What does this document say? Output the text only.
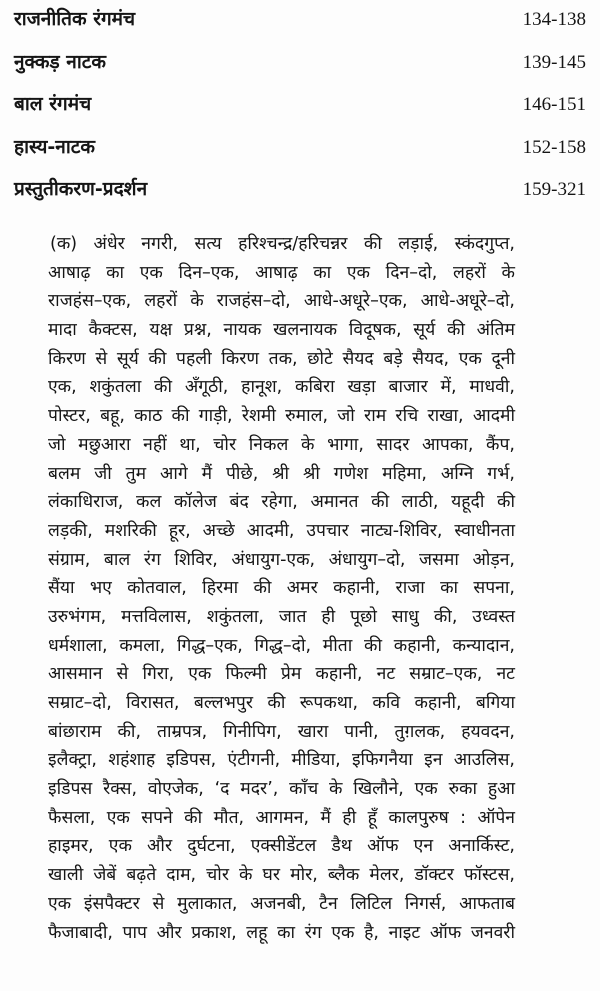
राजनीतिक रंगमंच	134-138
नुक्कड़ नाटक	139-145
बाल रंगमंच	146-151
हास्य-नाटक	152-158
प्रस्तुतीकरण-प्रदर्शन	159-321
(क) अंधेर नगरी, सत्य हरिश्चन्द्र/हरिचन्नर की लड़ाई, स्कंदगुप्त,
आषाढ़ का एक दिन–एक, आषाढ़ का एक दिन–दो, लहरों के
राजहंस–एक, लहरों के राजहंस–दो, आधे-अधूरे–एक, आधे-अधूरे–दो,
मादा कैक्टस, यक्ष प्रश्न, नायक खलनायक विदूषक, सूर्य की अंतिम
किरण से सूर्य की पहली किरण तक, छोटे सैयद बड़े सैयद, एक दूनी
एक, शकुंतला की अँगूठी, हानूश, कबिरा खड़ा बाजार में, माधवी,
पोस्टर, बहू, काठ की गाड़ी, रेशमी रुमाल, जो राम रचि राखा, आदमी
जो मछुआरा नहीं था, चोर निकल के भागा, सादर आपका, कैंप,
बलम जी तुम आगे मैं पीछे, श्री श्री गणेश महिमा, अग्नि गर्भ,
लंकाधिराज, कल कॉलेज बंद रहेगा, अमानत की लाठी, यहूदी की
लड़की, मशरिकी हूर, अच्छे आदमी, उपचार नाट्य-शिविर, स्वाधीनता
संग्राम, बाल रंग शिविर, अंधायुग-एक, अंधायुग–दो, जसमा ओड़न,
सैंया भए कोतवाल, हिरमा की अमर कहानी, राजा का सपना,
उरुभंगम, मत्तविलास, शकुंतला, जात ही पूछो साधु की, उध्वस्त
धर्मशाला, कमला, गिद्ध–एक, गिद्ध–दो, मीता की कहानी, कन्यादान,
आसमान से गिरा, एक फिल्मी प्रेम कहानी, नट सम्राट–एक, नट
सम्राट–दो, विरासत, बल्लभपुर की रूपकथा, कवि कहानी, बगिया
बांछाराम की, ताम्रपत्र, गिनीपिग, खारा पानी, तुग़लक, हयवदन,
इलैक्ट्रा, शहंशाह इडिपस, एंटीगनी, मीडिया, इफिगनैया इन आउलिस,
इडिपस रैक्स, वोएजेक, ‘द मदर’, काँच के खिलौने, एक रुका हुआ
फैसला, एक सपने की मौत, आगमन, मैं ही हूँ कालपुरुष : ऑपेन
हाइमर, एक और दुर्घटना, एक्सीडेंटल डैथ ऑफ एन अनार्किस्ट,
खाली जेबें बढ़ते दाम, चोर के घर मोर, ब्लैक मेलर, डॉक्टर फॉस्टस,
एक इंसपैक्टर से मुलाकात, अजनबी, टैन लिटिल निगर्स, आफताब
फैजाबादी, पाप और प्रकाश, लहू का रंग एक है, नाइट ऑफ जनवरी
